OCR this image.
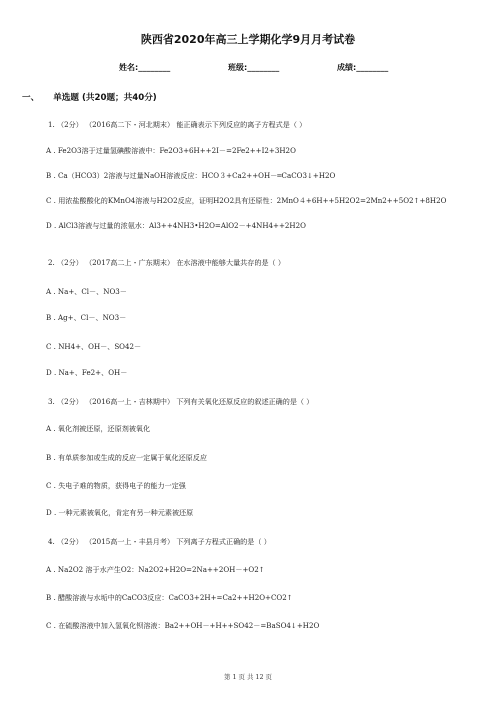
陕西省2020年高三上学期化学9月月考试卷
姓名:________	班级:________	成绩:________
一、 单选题 (共20题；共40分)
1. （2分） （2016高二下・河北期末） 能正确表示下列反应的离子方程式是（ ）
A . Fe2O3溶于过量氢碘酸溶液中：Fe2O3+6H++2I－=2Fe2++I2+3H2O
B . Ca（HCO3）2溶液与过量NaOH溶液反应：HCO３+Ca2++OH－═CaCO3↓+H2O
C . 用浓盐酸酸化的KMnO4溶液与H2O2反应，证明H2O2具有还原性：2MnO４+6H++5H2O2=2Mn2++5O2↑+8H2O
D . AlCl3溶液与过量的浓氨水：Al3++4NH3•H2O=AlO2－+4NH4++2H2O
2. （2分） （2017高二上・广东期末） 在水溶液中能够大量共存的是（ ）
A . Na+、Cl－、NO3－
B . Ag+、Cl－、NO3－
C . NH4+、OH－、SO42－
D . Na+、Fe2+、OH－
3. （2分） （2016高一上・吉林期中） 下列有关氧化还原反应的叙述正确的是（ ）
A . 氧化剂被还原，还原剂被氧化
B . 有单质参加或生成的反应一定属于氧化还原反应
C . 失电子难的物质，获得电子的能力一定强
D . 一种元素被氧化，肯定有另一种元素被还原
4. （2分） （2015高一上・丰县月考） 下列离子方程式正确的是（ ）
A . Na2O2 溶于水产生O2：Na2O2+H2O=2Na++2OH－+O2↑
B . 醋酸溶液与水垢中的CaCO3反应：CaCO3+2H+=Ca2++H2O+CO2↑
C . 在硫酸溶液中加入氢氧化钡溶液：Ba2++OH－+H++SO42－=BaSO4↓+H2O
第 1 页 共 12 页
